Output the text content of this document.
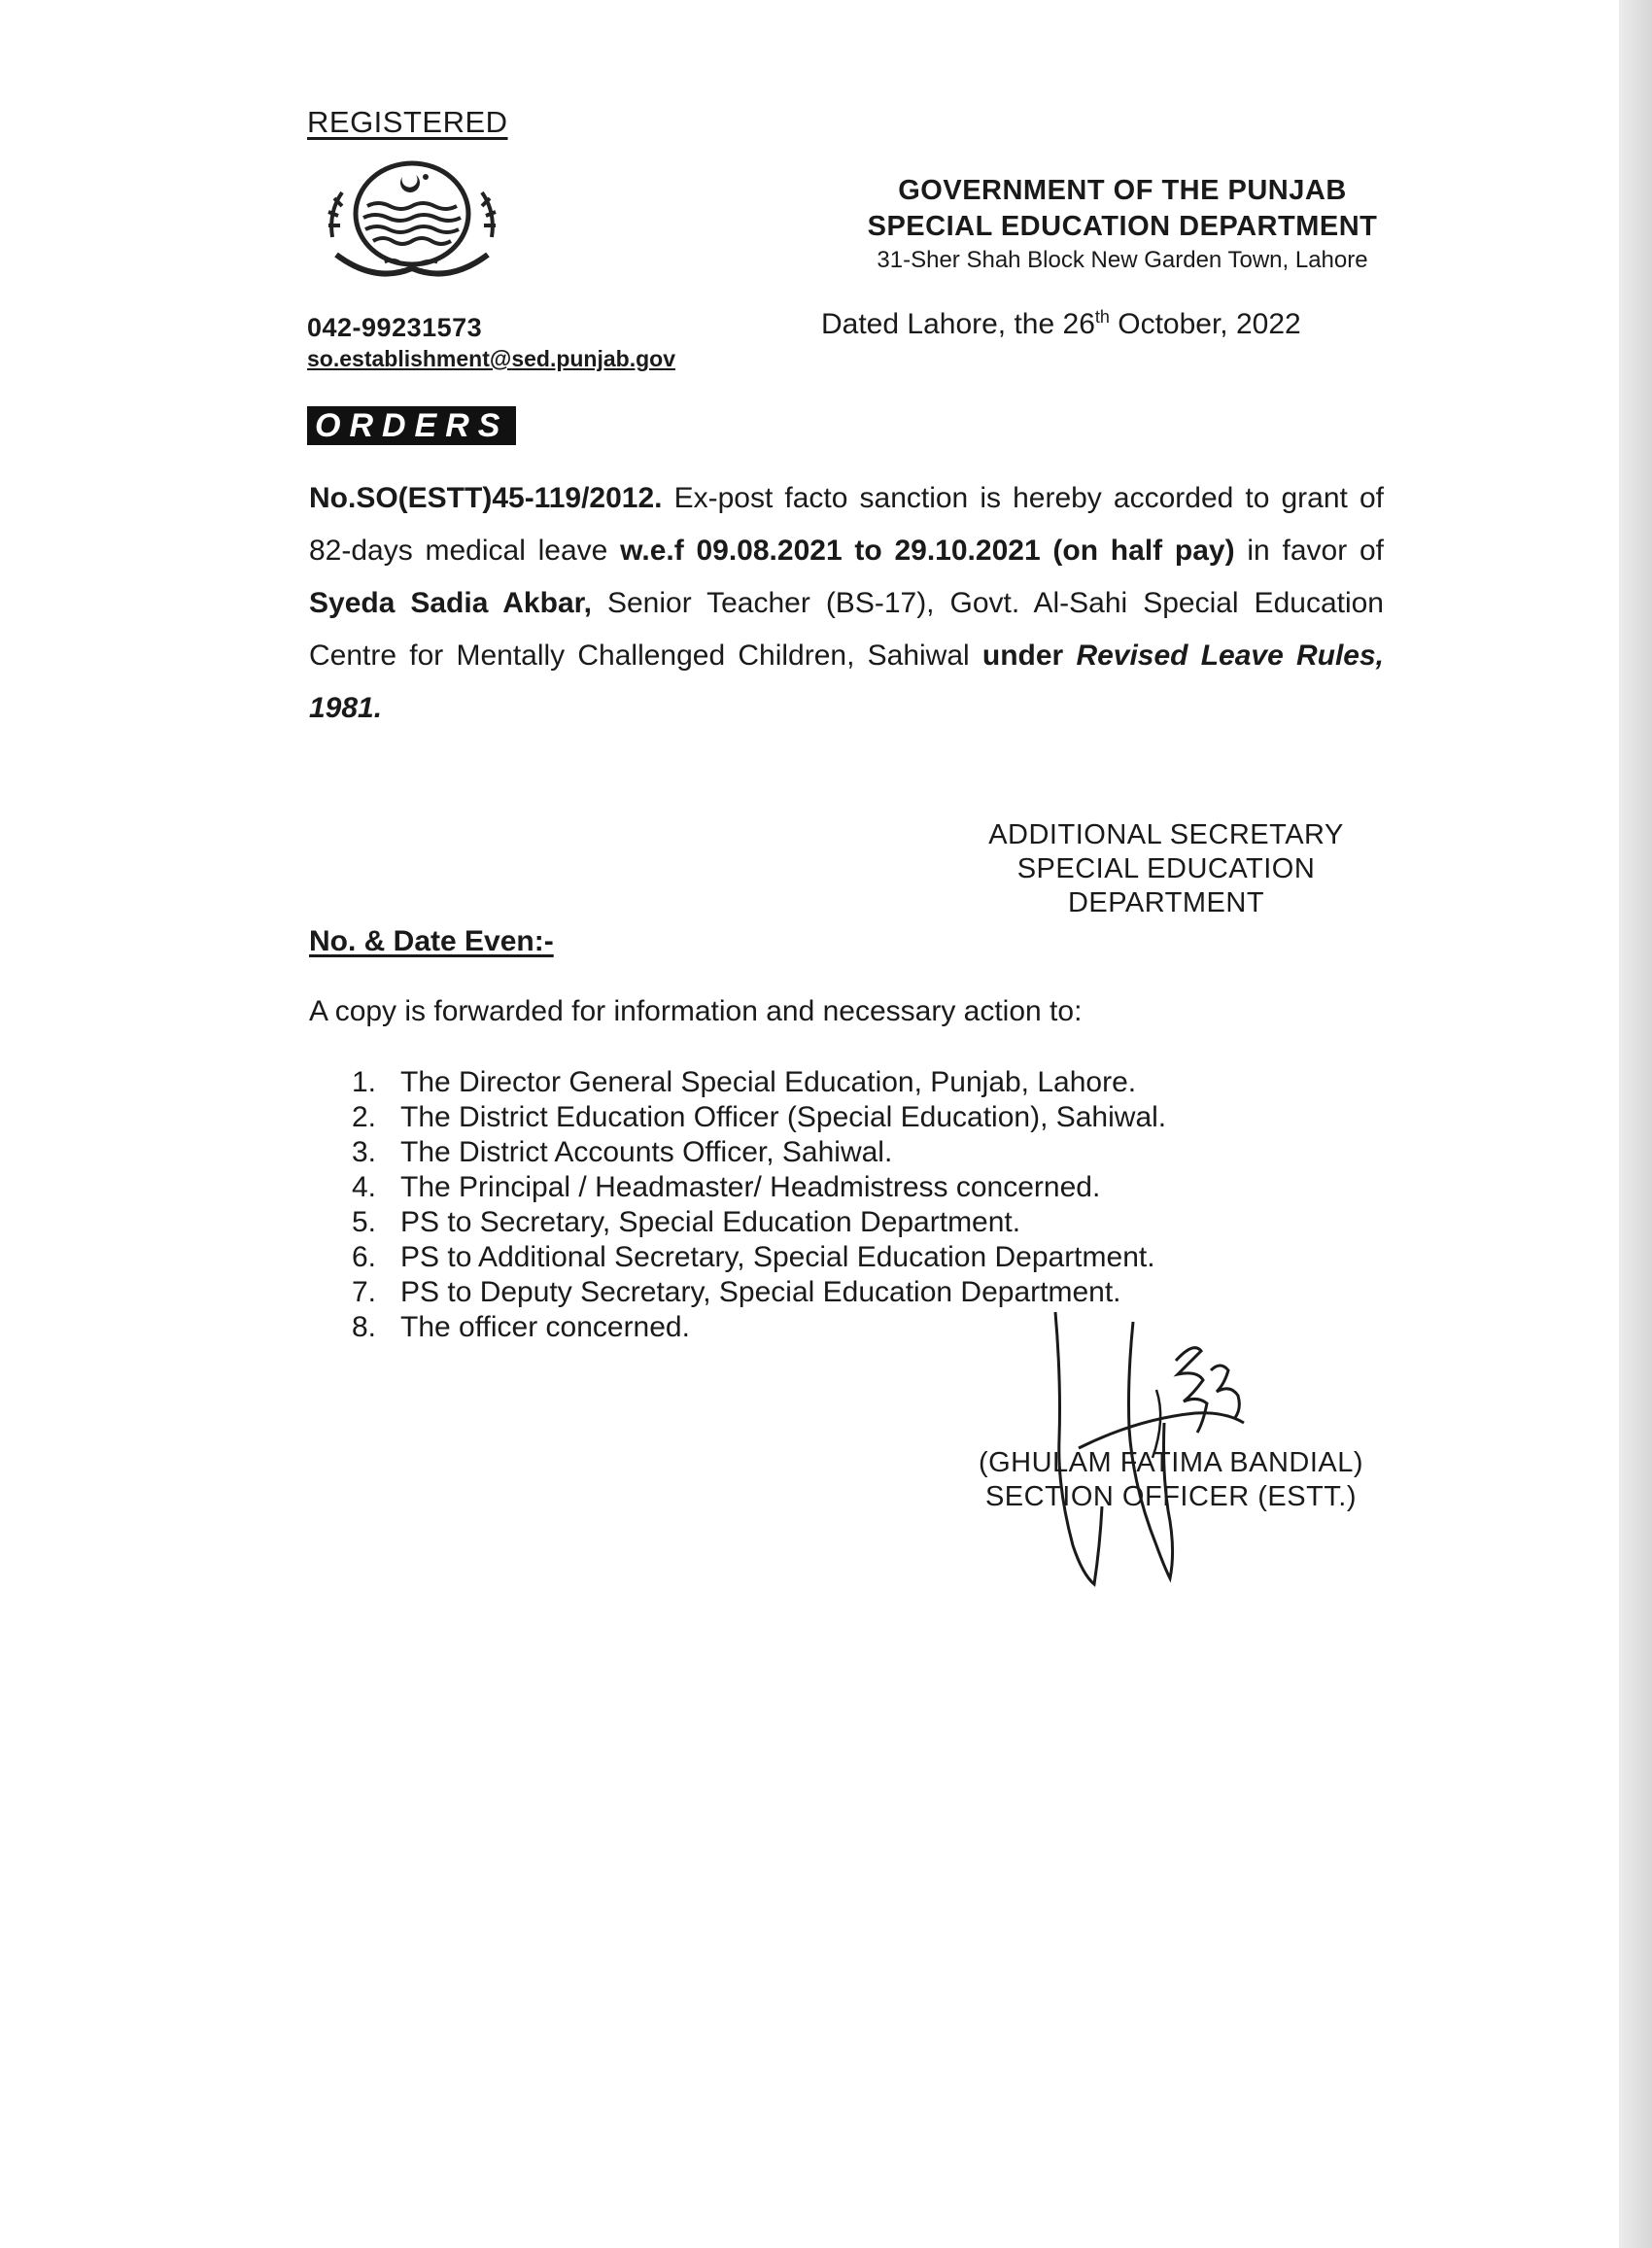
REGISTERED
042-99231573
so.establishment@sed.punjab.gov
GOVERNMENT OF THE PUNJAB
SPECIAL EDUCATION DEPARTMENT
31-Sher Shah Block New Garden Town, Lahore
Dated Lahore, the 26th October, 2022
ORDERS
No.SO(ESTT)45-119/2012. Ex-post facto sanction is hereby accorded to grant of 82-days medical leave w.e.f 09.08.2021 to 29.10.2021 (on half pay) in favor of Syeda Sadia Akbar, Senior Teacher (BS-17), Govt. Al-Sahi Special Education Centre for Mentally Challenged Children, Sahiwal under Revised Leave Rules, 1981.
ADDITIONAL SECRETARY
SPECIAL EDUCATION
DEPARTMENT
No. & Date Even:-
A copy is forwarded for information and necessary action to:
1. The Director General Special Education, Punjab, Lahore.
2. The District Education Officer (Special Education), Sahiwal.
3. The District Accounts Officer, Sahiwal.
4. The Principal / Headmaster/ Headmistress concerned.
5. PS to Secretary, Special Education Department.
6. PS to Additional Secretary, Special Education Department.
7. PS to Deputy Secretary, Special Education Department.
8. The officer concerned.
(GHULAM FATIMA BANDIAL)
SECTION OFFICER (ESTT.)
